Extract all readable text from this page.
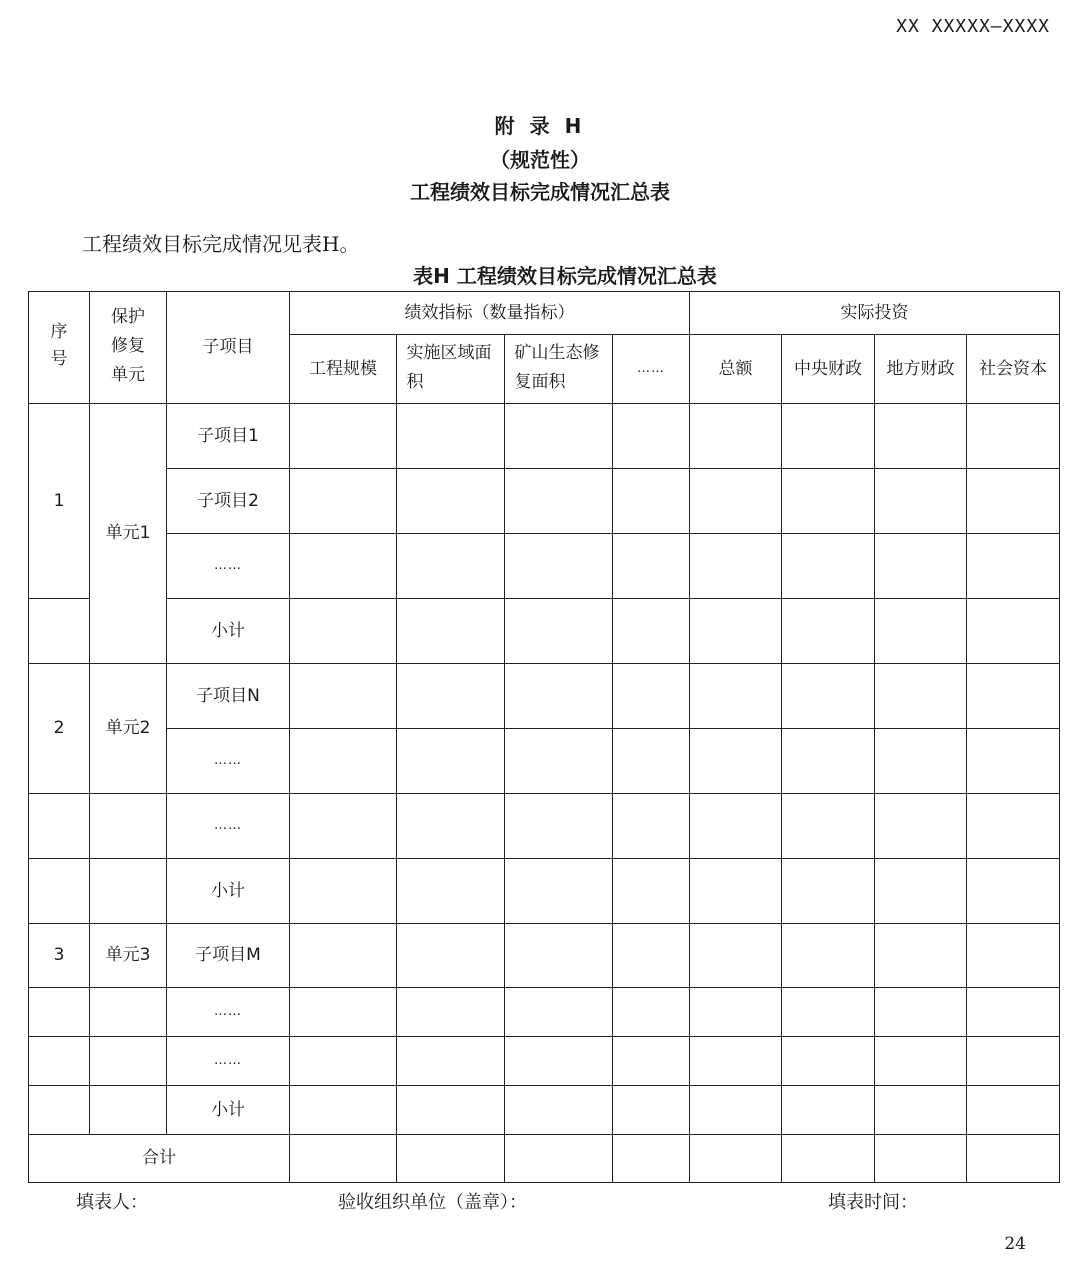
XX XXXXX—XXXX
附 录 H
（规范性）
工程绩效目标完成情况汇总表
工程绩效目标完成情况见表H。
表H 工程绩效目标完成情况汇总表
序号	保护修复单元	子项目	绩效指标（数量指标）				实际投资			
			工程规模	实施区域面积	矿山生态修复面积	……	总额	中央财政	地方财政	社会资本
1	单元1	子项目1								
		子项目2								
		……								
		小计								
2	单元2	子项目N								
		……								
		……								
		小计								
3	单元3	子项目M								
		……								
		……								
		小计								
合计										
填表人：	验收组织单位（盖章）：	填表时间：
24
